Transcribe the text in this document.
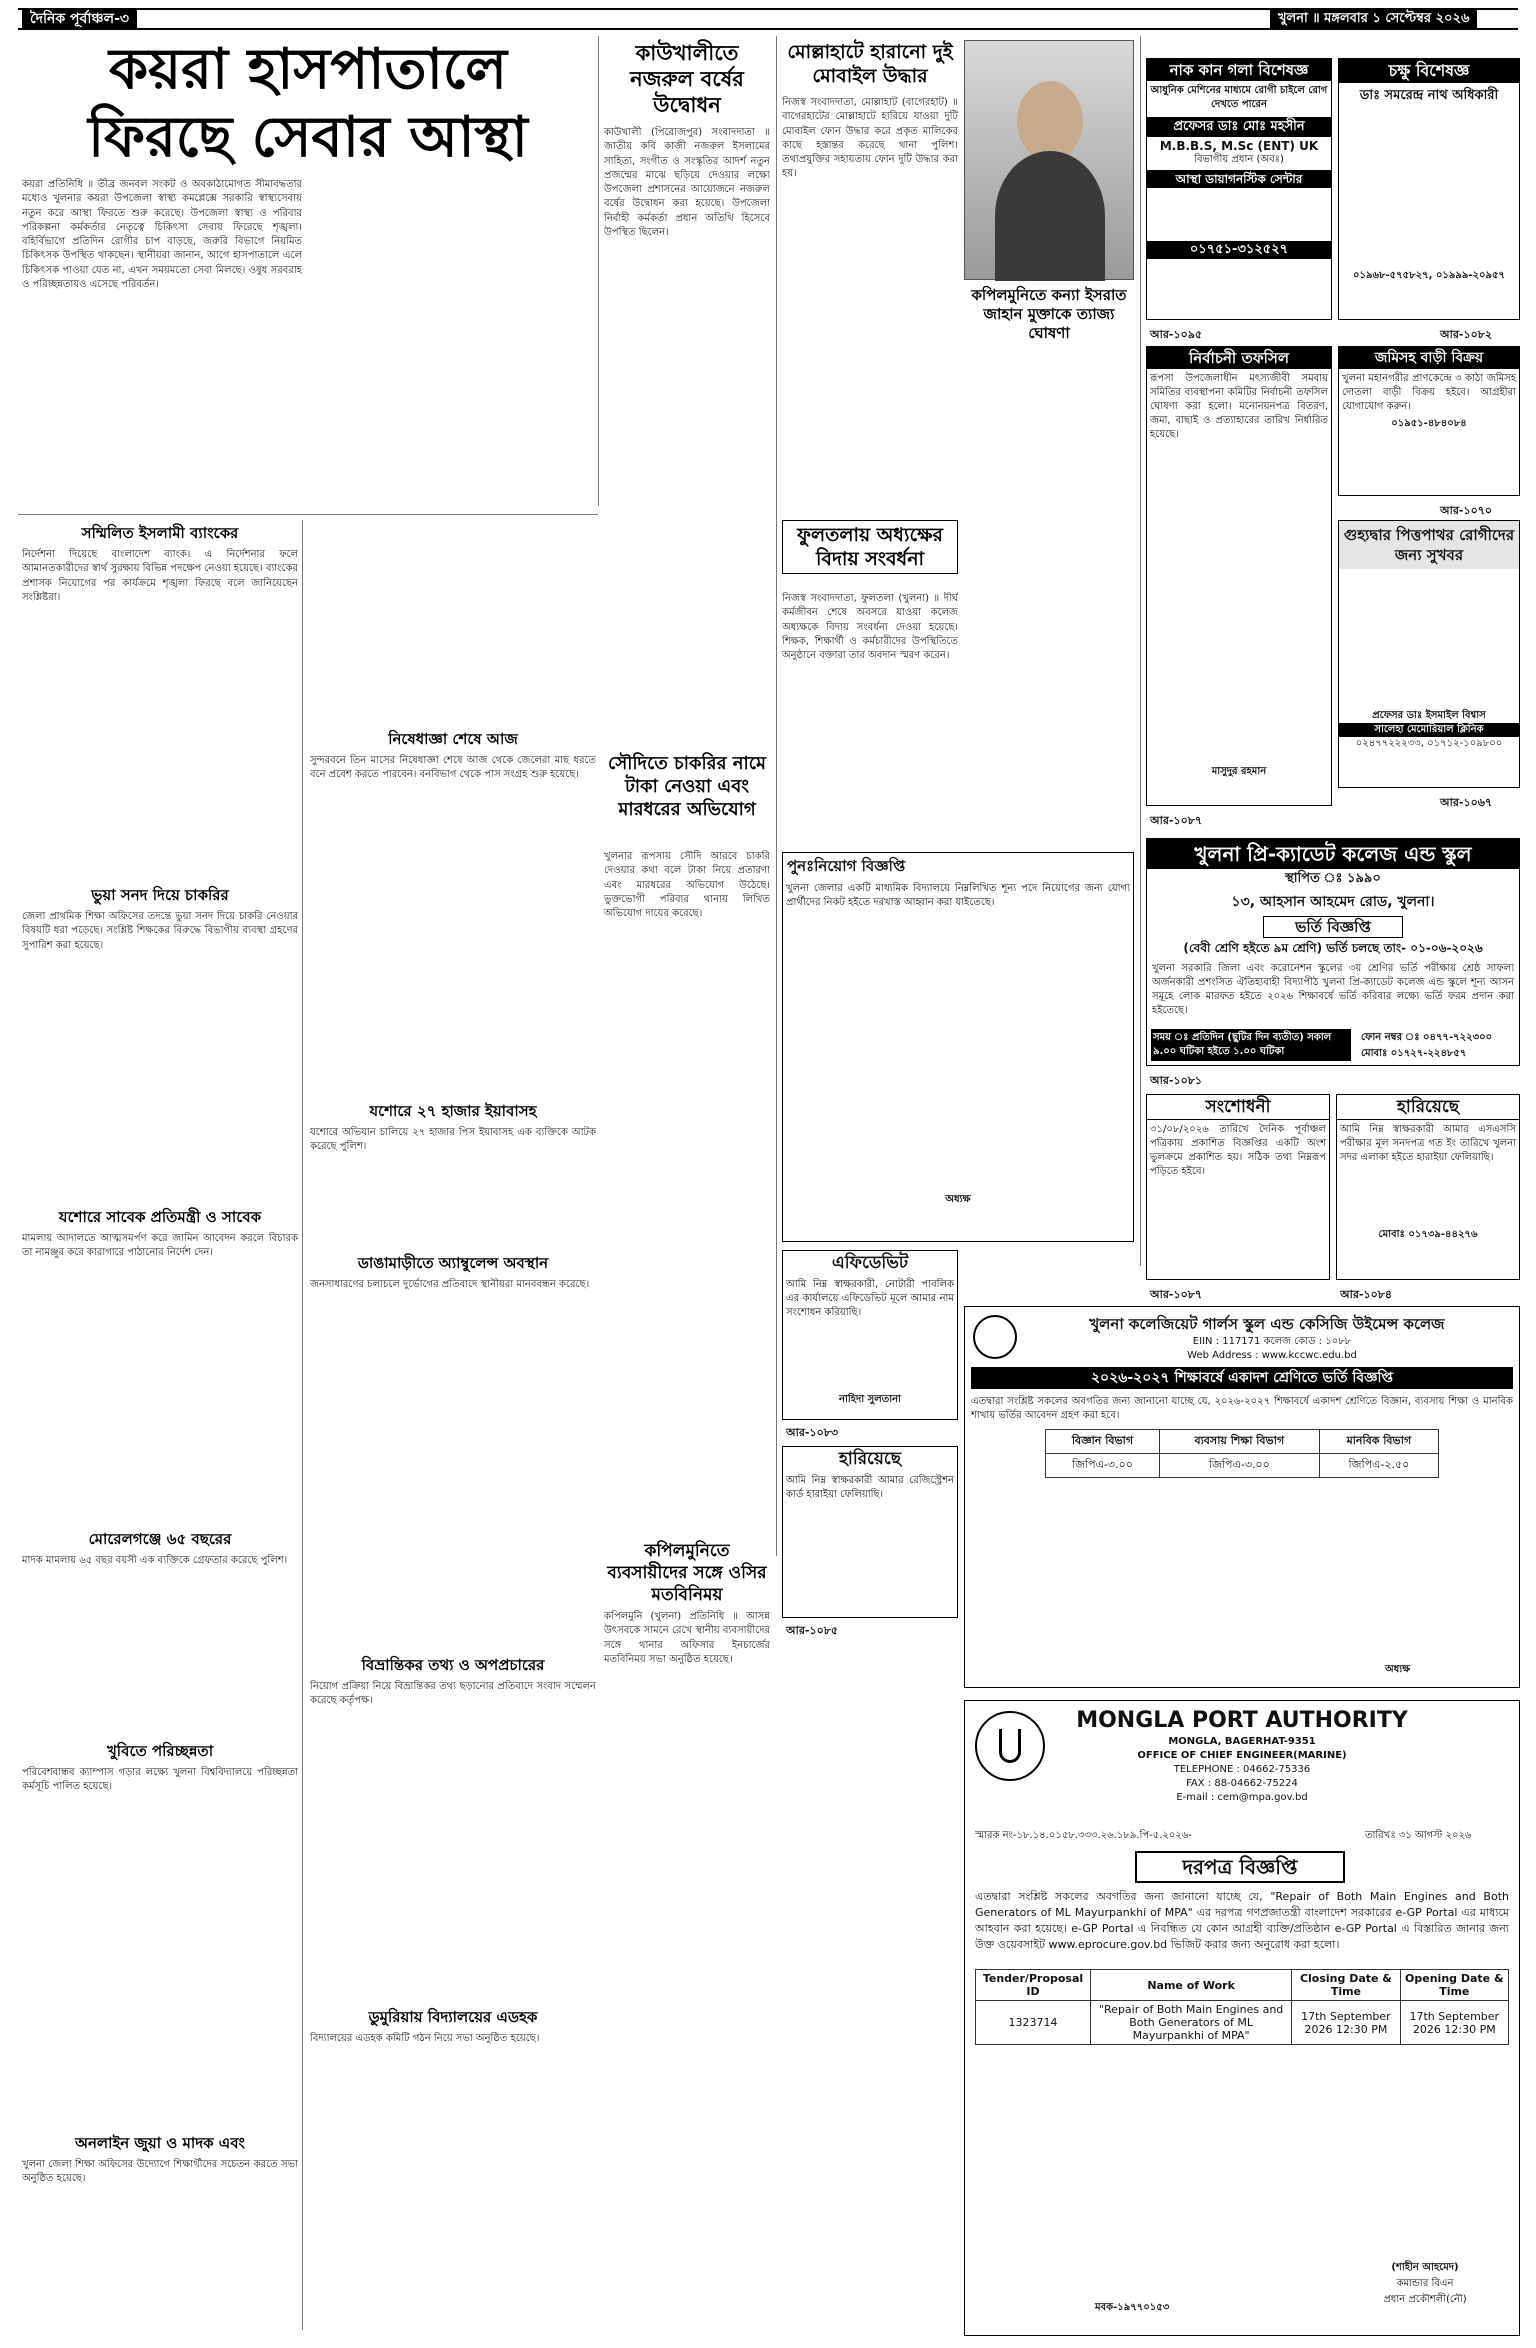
দৈনিক পূর্বাঞ্চল-৩	খুলনা ॥ মঙ্গলবার ১ সেপ্টেম্বর ২০২৬
কয়রা হাসপাতালে
ফিরছে সেবার আস্থা
কয়রা প্রতিনিধি ॥ তীব্র জনবল সংকট ও অবকাঠামোগত সীমাবদ্ধতার মধ্যেও খুলনার কয়রা উপজেলা স্বাস্থ্য কমপ্লেক্সে সরকারি স্বাস্থ্যসেবায় নতুন করে আস্থা ফিরতে শুরু করেছে। উপজেলা স্বাস্থ্য ও পরিবার পরিকল্পনা কর্মকর্তার নেতৃত্বে চিকিৎসা সেবায় ফিরেছে শৃঙ্খলা। বহির্বিভাগে প্রতিদিন রোগীর চাপ বাড়ছে, জরুরি বিভাগে নিয়মিত চিকিৎসক উপস্থিত থাকছেন। স্থানীয়রা জানান, আগে হাসপাতালে এলে চিকিৎসক পাওয়া যেত না, এখন সময়মতো সেবা মিলছে। ওষুধ সরবরাহ ও পরিচ্ছন্নতায়ও এসেছে পরিবর্তন।
কাউখালীতে নজরুল বর্ষের উদ্বোধন
কাউখালী (পিরোজপুর) সংবাদদাতা ॥ জাতীয় কবি কাজী নজরুল ইসলামের সাহিত্য, সংগীত ও সংস্কৃতির আদর্শ নতুন প্রজন্মের মাঝে ছড়িয়ে দেওয়ার লক্ষ্যে উপজেলা প্রশাসনের আয়োজনে নজরুল বর্ষের উদ্বোধন করা হয়েছে। উপজেলা নির্বাহী কর্মকর্তা প্রধান অতিথি হিসেবে উপস্থিত ছিলেন।
মোল্লাহাটে হারানো দুই মোবাইল উদ্ধার
নিজস্ব সংবাদদাতা, মোল্লাহাট (বাগেরহাট) ॥ বাগেরহাটের মোল্লাহাটে হারিয়ে যাওয়া দুটি মোবাইল ফোন উদ্ধার করে প্রকৃত মালিকের কাছে হস্তান্তর করেছে থানা পুলিশ। তথ্যপ্রযুক্তির সহায়তায় ফোন দুটি উদ্ধার করা হয়।
কপিলমুনিতে কন্যা ইসরাত জাহান মুক্তাকে ত্যাজ্য ঘোষণা
নাক কান গলা বিশেষজ্ঞ
আধুনিক মেশিনের মাধ্যমে রোগী চাইলে রোগ দেখতে পারেন
প্রফেসর ডাঃ মোঃ মহসীন
M.B.B.S, M.Sc (ENT) UK
বিভাগীয় প্রধান (অবঃ)
আস্থা ডায়াগনস্টিক সেন্টার
০১৭৫১-৩১২৫২৭
আর-১০৯৫
চক্ষু বিশেষজ্ঞ
ডাঃ সমরেন্দ্র নাথ অধিকারী
০১৯৬৮-৫৭৫৮২৭, ০১৯৯৯-২০৯৫৭
আর-১০৮২
নির্বাচনী তফসিল
রূপসা উপজেলাধীন মৎস্যজীবী সমবায় সমিতির ব্যবস্থাপনা কমিটির নির্বাচনী তফসিল ঘোষণা করা হলো। মনোনয়নপত্র বিতরণ, জমা, বাছাই ও প্রত্যাহারের তারিখ নির্ধারিত হয়েছে।
মাসুদুর রহমান
আর-১০৮৭
জমিসহ বাড়ী বিক্রয়
খুলনা মহানগরীর প্রাণকেন্দ্রে ৩ কাঠা জমিসহ দোতলা বাড়ী বিক্রয় হইবে। আগ্রহীরা যোগাযোগ করুন।
০১৯৫১-৪৮৪০৮৪
আর-১০৭০
গুহ্যদ্বার পিত্তপাথর রোগীদের জন্য সুখবর
প্রফেসর ডাঃ ইসমাইল বিশ্বাস
সালেহা মেমোরিয়াল ক্লিনিক
০২৪৭৭২২২৩৩, ০১৭১২-১০৯৮০০
আর-১০৬৭
খুলনা প্রি-ক্যাডেট কলেজ এন্ড স্কুল
স্থাপিত ঃ ১৯৯০
১৩, আহসান আহমেদ রোড, খুলনা।
ভর্তি বিজ্ঞপ্তি
(বেবী শ্রেণি হইতে ৯ম শ্রেণি) ভর্তি চলছে তাং- ০১-০৬-২০২৬
খুলনা সরকারি জিলা এবং করোনেশন স্কুলের ৩য় শ্রেণির ভর্তি পরীক্ষায় শ্রেষ্ঠ সাফল্য অর্জনকারী প্রশংসিত ঐতিহ্যবাহী বিদ্যাপীঠ খুলনা প্রি-ক্যাডেট কলেজ এন্ড স্কুলে শূন্য আসন সমূহে লোক মারফত হইতে ২০২৬ শিক্ষাবর্ষে ভর্তি করিবার লক্ষ্যে ভর্তি ফরম প্রদান করা হইতেছে।
সময় ঃ প্রতিদিন (ছুটির দিন ব্যতীত) সকাল ৯.০০ ঘটিকা হইতে ১.০০ ঘটিকা
ফোন নম্বর ঃ ০৪৭৭-৭২২৩০০
মোবাঃ ০১৭২৭-২২৪৮৫৭
আর-১০৮১
সংশোধনী
৩১/০৮/২০২৬ তারিখে দৈনিক পূর্বাঞ্চল পত্রিকায় প্রকাশিত বিজ্ঞপ্তির একটি অংশ ভুলক্রমে প্রকাশিত হয়। সঠিক তথ্য নিম্নরূপ পড়িতে হইবে।
আর-১০৮৭
হারিয়েছে
আমি নিম্ন স্বাক্ষরকারী আমার এসএসসি পরীক্ষার মূল সনদপত্র গত ইং তারিখে খুলনা সদর এলাকা হইতে হারাইয়া ফেলিয়াছি।
মোবাঃ ০১৭৩৯-৪৪২৭৬
আর-১০৮৪
ফুলতলায় অধ্যক্ষের বিদায় সংবর্ধনা
নিজস্ব সংবাদদাতা, ফুলতলা (খুলনা) ॥ দীর্ঘ কর্মজীবন শেষে অবসরে যাওয়া কলেজ অধ্যক্ষকে বিদায় সংবর্ধনা দেওয়া হয়েছে। শিক্ষক, শিক্ষার্থী ও কর্মচারীদের উপস্থিতিতে অনুষ্ঠানে বক্তারা তার অবদান স্মরণ করেন।
সৌদিতে চাকরির নামে টাকা নেওয়া এবং মারধরের অভিযোগ
খুলনার রূপসায় সৌদি আরবে চাকরি দেওয়ার কথা বলে টাকা নিয়ে প্রতারণা এবং মারধরের অভিযোগ উঠেছে। ভুক্তভোগী পরিবার থানায় লিখিত অভিযোগ দায়ের করেছে।
পুনঃনিয়োগ বিজ্ঞপ্তি
খুলনা জেলার একটি মাধ্যমিক বিদ্যালয়ে নিম্নলিখিত শূন্য পদে নিয়োগের জন্য যোগ্য প্রার্থীদের নিকট হইতে দরখাস্ত আহ্বান করা যাইতেছে।
অধ্যক্ষ
এফিডেভিট
আমি নিম্ন স্বাক্ষরকারী, নোটারী পাবলিক এর কার্যালয়ে এফিডেভিট মূলে আমার নাম সংশোধন করিয়াছি।
নাহিদা সুলতানা
আর-১০৮৩
হারিয়েছে
আমি নিম্ন স্বাক্ষরকারী আমার রেজিস্ট্রেশন কার্ড হারাইয়া ফেলিয়াছি।
আর-১০৮৫
কপিলমুনিতে ব্যবসায়ীদের সঙ্গে ওসির মতবিনিময়
কপিলমুনি (খুলনা) প্রতিনিধি ॥ আসন্ন উৎসবকে সামনে রেখে স্থানীয় ব্যবসায়ীদের সঙ্গে থানার অফিসার ইনচার্জের মতবিনিময় সভা অনুষ্ঠিত হয়েছে।
সম্মিলিত ইসলামী ব্যাংকের
নির্দেশনা দিয়েছে বাংলাদেশ ব্যাংক। এ নির্দেশনার ফলে আমানতকারীদের স্বার্থ সুরক্ষায় বিভিন্ন পদক্ষেপ নেওয়া হয়েছে। ব্যাংকের প্রশাসক নিয়োগের পর কার্যক্রমে শৃঙ্খলা ফিরছে বলে জানিয়েছেন সংশ্লিষ্টরা।
ভুয়া সনদ দিয়ে চাকরির
জেলা প্রাথমিক শিক্ষা অফিসের তদন্তে ভুয়া সনদ দিয়ে চাকরি নেওয়ার বিষয়টি ধরা পড়েছে। সংশ্লিষ্ট শিক্ষকের বিরুদ্ধে বিভাগীয় ব্যবস্থা গ্রহণের সুপারিশ করা হয়েছে।
যশোরে সাবেক প্রতিমন্ত্রী ও সাবেক
মামলায় আদালতে আত্মসমর্পণ করে জামিন আবেদন করলে বিচারক তা নামঞ্জুর করে কারাগারে পাঠানোর নির্দেশ দেন।
মোরেলগঞ্জে ৬৫ বছরের
মাদক মামলায় ৬৫ বছর বয়সী এক ব্যক্তিকে গ্রেফতার করেছে পুলিশ।
খুবিতে পরিচ্ছন্নতা
পরিবেশবান্ধব ক্যাম্পাস গড়ার লক্ষ্যে খুলনা বিশ্ববিদ্যালয়ে পরিচ্ছন্নতা কর্মসূচি পালিত হয়েছে।
অনলাইন জুয়া ও মাদক এবং
খুলনা জেলা শিক্ষা অফিসের উদ্যোগে শিক্ষার্থীদের সচেতন করতে সভা অনুষ্ঠিত হয়েছে।
নিষেধাজ্ঞা শেষে আজ
সুন্দরবনে তিন মাসের নিষেধাজ্ঞা শেষে আজ থেকে জেলেরা মাছ ধরতে বনে প্রবেশ করতে পারবেন। বনবিভাগ থেকে পাস সংগ্রহ শুরু হয়েছে।
যশোরে ২৭ হাজার ইয়াবাসহ
যশোরে অভিযান চালিয়ে ২৭ হাজার পিস ইয়াবাসহ এক ব্যক্তিকে আটক করেছে পুলিশ।
ডাঙামাড়ীতে অ্যাম্বুলেন্স অবস্থান
জনসাধারণের চলাচলে দুর্ভোগের প্রতিবাদে স্থানীয়রা মানববন্ধন করেছে।
বিভ্রান্তিকর তথ্য ও অপপ্রচারের
নিয়োগ প্রক্রিয়া নিয়ে বিভ্রান্তিকর তথ্য ছড়ানোর প্রতিবাদে সংবাদ সম্মেলন করেছে কর্তৃপক্ষ।
ডুমুরিয়ায় বিদ্যালয়ের এডহক
বিদ্যালয়ের এডহক কমিটি গঠন নিয়ে সভা অনুষ্ঠিত হয়েছে।
খুলনা কলেজিয়েট গার্লস স্কুল এন্ড কেসিজি উইমেন্স কলেজ
EIIN : 117171 কলেজ কোড : ১০৮৮
Web Address : www.kccwc.edu.bd
২০২৬-২০২৭ শিক্ষাবর্ষে একাদশ শ্রেণিতে ভর্তি বিজ্ঞপ্তি
এতদ্বারা সংশ্লিষ্ট সকলের অবগতির জন্য জানানো যাচ্ছে যে, ২০২৬-২০২৭ শিক্ষাবর্ষে একাদশ শ্রেণিতে বিজ্ঞান, ব্যবসায় শিক্ষা ও মানবিক শাখায় ভর্তির আবেদন গ্রহণ করা হবে।
বিজ্ঞান বিভাগ	ব্যবসায় শিক্ষা বিভাগ	মানবিক বিভাগ
জিপিএ-৩.০০	জিপিএ-৩.০০	জিপিএ-২.৫০
অধ্যক্ষ
MONGLA PORT AUTHORITY
MONGLA, BAGERHAT-9351
OFFICE OF CHIEF ENGINEER(MARINE)
TELEPHONE : 04662-75336
FAX : 88-04662-75224
E-mail : cem@mpa.gov.bd
স্মারক নং-১৮.১৪.০১৫৮.৩৩৩.২৬.১৮৯.পি-৫.২০২৬-	তারিখঃ ৩১ আগস্ট ২০২৬
দরপত্র বিজ্ঞপ্তি
এতদ্বারা সংশ্লিষ্ট সকলের অবগতির জন্য জানানো যাচ্ছে যে, "Repair of Both Main Engines and Both Generators of ML Mayurpankhi of MPA" এর দরপত্র গণপ্রজাতন্ত্রী বাংলাদেশ সরকারের e-GP Portal এর মাধ্যমে আহবান করা হয়েছে। e-GP Portal এ নিবন্ধিত যে কোন আগ্রহী ব্যক্তি/প্রতিষ্ঠান e-GP Portal এ বিস্তারিত জানার জন্য উক্ত ওয়েবসাইট www.eprocure.gov.bd ভিজিট করার জন্য অনুরোধ করা হলো।
Tender/Proposal ID	Name of Work	Closing Date & Time	Opening Date & Time
1323714	"Repair of Both Main Engines and Both Generators of ML Mayurpankhi of MPA"	17th September 2026 12:30 PM	17th September 2026 12:30 PM
(শাহীন আহমেদ)
কমান্ডার বিএন
প্রধান প্রকৌশলী(নৌ)
মবক-১৯৭৭০১৫৩
